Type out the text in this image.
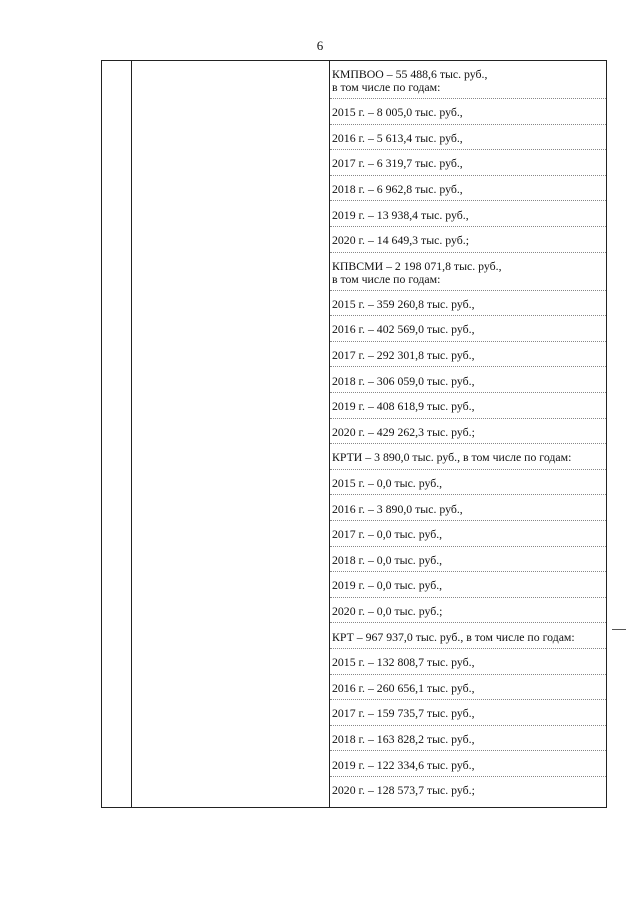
6
КМПВОО – 55 488,6 тыс. руб.,
в том числе по годам:
2015 г. – 8 005,0 тыс. руб.,
2016 г. – 5 613,4 тыс. руб.,
2017 г. – 6 319,7 тыс. руб.,
2018 г. – 6 962,8 тыс. руб.,
2019 г. – 13 938,4 тыс. руб.,
2020 г. – 14 649,3 тыс. руб.;
КПВСМИ – 2 198 071,8 тыс. руб.,
в том числе по годам:
2015 г. – 359 260,8 тыс. руб.,
2016 г. – 402 569,0 тыс. руб.,
2017 г. – 292 301,8 тыс. руб.,
2018 г. – 306 059,0 тыс. руб.,
2019 г. – 408 618,9 тыс. руб.,
2020 г. – 429 262,3 тыс. руб.;
КРТИ – 3 890,0 тыс. руб., в том числе по годам:
2015 г. – 0,0 тыс. руб.,
2016 г. – 3 890,0 тыс. руб.,
2017 г. – 0,0 тыс. руб.,
2018 г. – 0,0 тыс. руб.,
2019 г. – 0,0 тыс. руб.,
2020 г. – 0,0 тыс. руб.;
КРТ – 967 937,0 тыс. руб., в том числе по годам:
2015 г. – 132 808,7 тыс. руб.,
2016 г. – 260 656,1 тыс. руб.,
2017 г. – 159 735,7 тыс. руб.,
2018 г. – 163 828,2 тыс. руб.,
2019 г. – 122 334,6 тыс. руб.,
2020 г. – 128 573,7 тыс. руб.;
